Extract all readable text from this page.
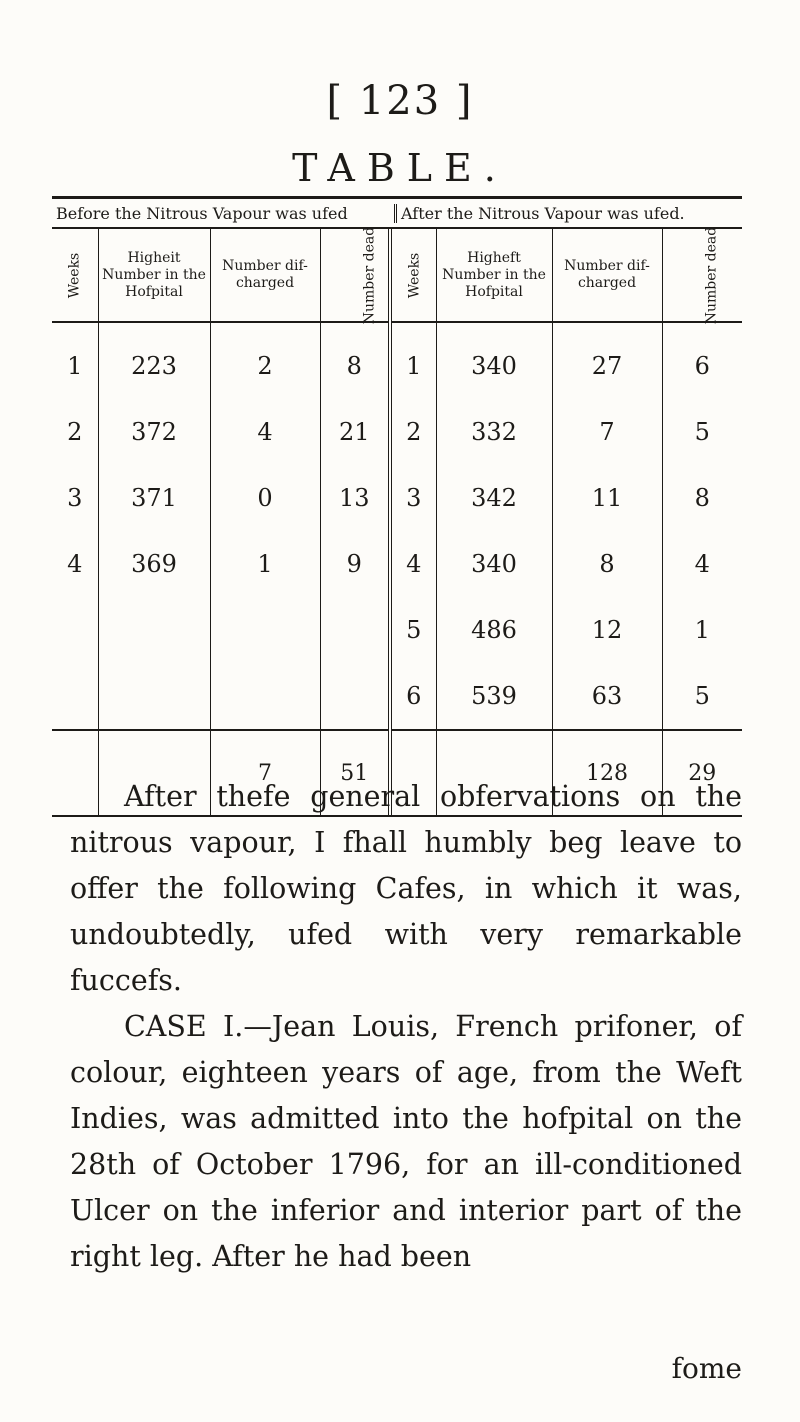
[ 123 ]
TABLE.
Before the Nitrous Vapour was ufed	After the Nitrous Vapour was ufed.
Weeks	Higheit Number in the Hofpital	Number dif- charged	Number dead	Weeks	Higheft Number in the Hofpital	Number dif- charged	Number dead
1	223	2	8	1	340	27	6
2	372	4	21	2	332	7	5
3	371	0	13	3	342	11	8
4	369	1	9	4	340	8	4
				5	486	12	1
				6	539	63	5
		7	51			128	29

After thefe general obfervations on the nitrous vapour, I fhall humbly beg leave to offer the following Cafes, in which it was, undoubtedly, ufed with very remarkable fuccefs.

CASE I.—Jean Louis, French prifoner, of colour, eighteen years of age, from the Weft Indies, was admitted into the hofpital on the 28th of October 1796, for an ill-conditioned Ulcer on the inferior and interior part of the right leg. After he had been

fome
